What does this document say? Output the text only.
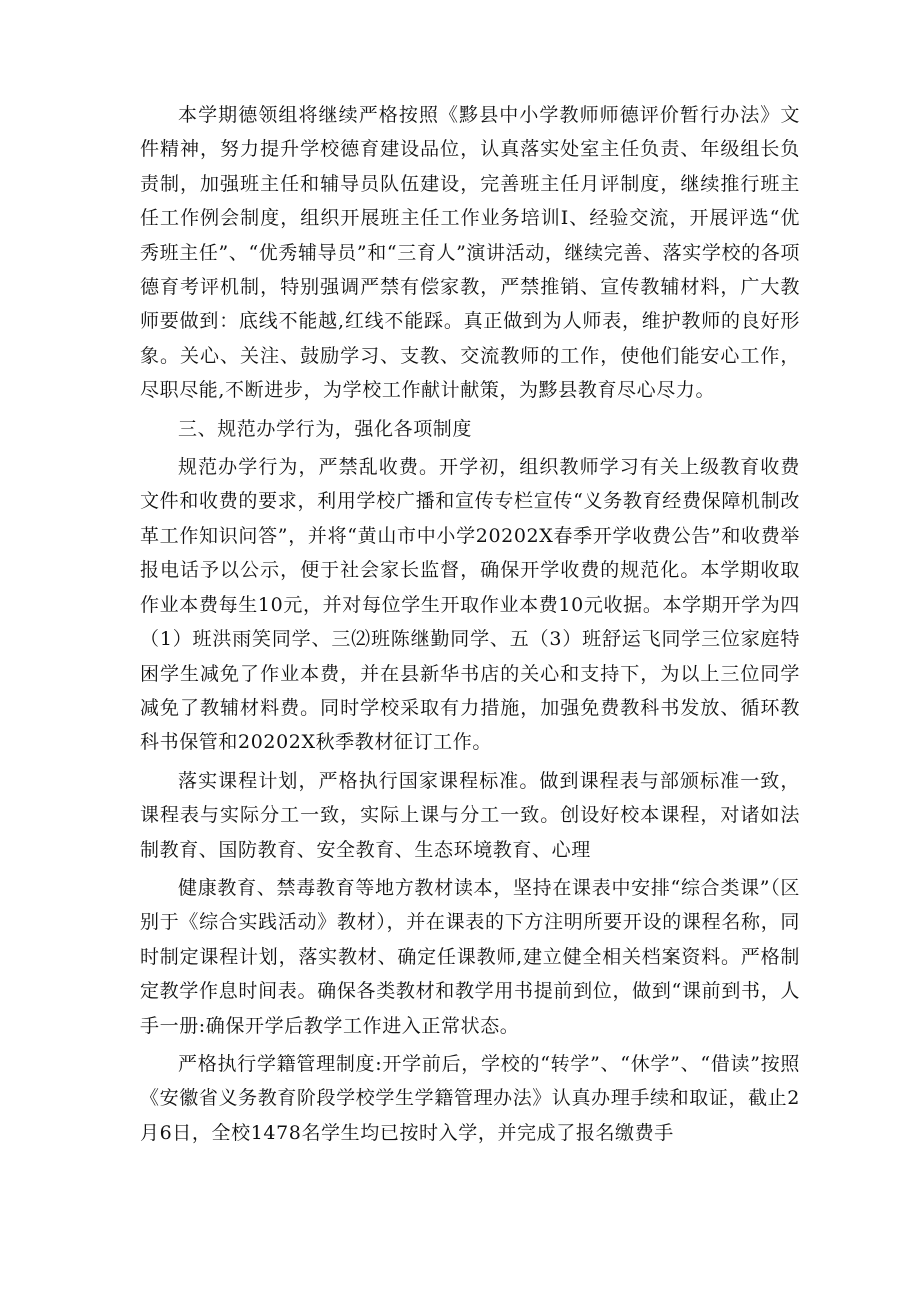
本学期德领组将继续严格按照《黟县中小学教师师德评价暂行办法》文件精神，努力提升学校德育建设品位，认真落实处室主任负责、年级组长负责制，加强班主任和辅导员队伍建设，完善班主任月评制度，继续推行班主任工作例会制度，组织开展班主任工作业务培训Ⅰ、经验交流，开展评选“优秀班主任”、“优秀辅导员”和“三育人”演讲活动，继续完善、落实学校的各项德育考评机制，特别强调严禁有偿家教，严禁推销、宣传教辅材料，广大教师要做到：底线不能越,红线不能踩。真正做到为人师表，维护教师的良好形象。关心、关注、鼓励学习、支教、交流教师的工作，使他们能安心工作，尽职尽能,不断进步，为学校工作献计献策，为黟县教育尽心尽力。

三、规范办学行为，强化各项制度

规范办学行为，严禁乱收费。开学初，组织教师学习有关上级教育收费文件和收费的要求，利用学校广播和宣传专栏宣传“义务教育经费保障机制改革工作知识问答”，并将“黄山市中小学20202X春季开学收费公告”和收费举报电话予以公示，便于社会家长监督，确保开学收费的规范化。本学期收取作业本费每生10元，并对每位学生开取作业本费10元收据。本学期开学为四（1）班洪雨笑同学、三⑵班陈继勤同学、五（3）班舒运飞同学三位家庭特困学生减免了作业本费，并在县新华书店的关心和支持下，为以上三位同学减免了教辅材料费。同时学校采取有力措施，加强免费教科书发放、循环教科书保管和20202X秋季教材征订工作。

落实课程计划，严格执行国家课程标准。做到课程表与部颁标准一致，课程表与实际分工一致，实际上课与分工一致。创设好校本课程，对诸如法制教育、国防教育、安全教育、生态环境教育、心理

健康教育、禁毒教育等地方教材读本，坚持在课表中安排“综合类课”（区别于《综合实践活动》教材），并在课表的下方注明所要开设的课程名称，同时制定课程计划，落实教材、确定任课教师,建立健全相关档案资料。严格制定教学作息时间表。确保各类教材和教学用书提前到位，做到“课前到书，人手一册:确保开学后教学工作进入正常状态。

严格执行学籍管理制度:开学前后，学校的“转学”、“休学”、“借读”按照《安徽省义务教育阶段学校学生学籍管理办法》认真办理手续和取证，截止2月6日，全校1478名学生均已按时入学，并完成了报名缴费手
